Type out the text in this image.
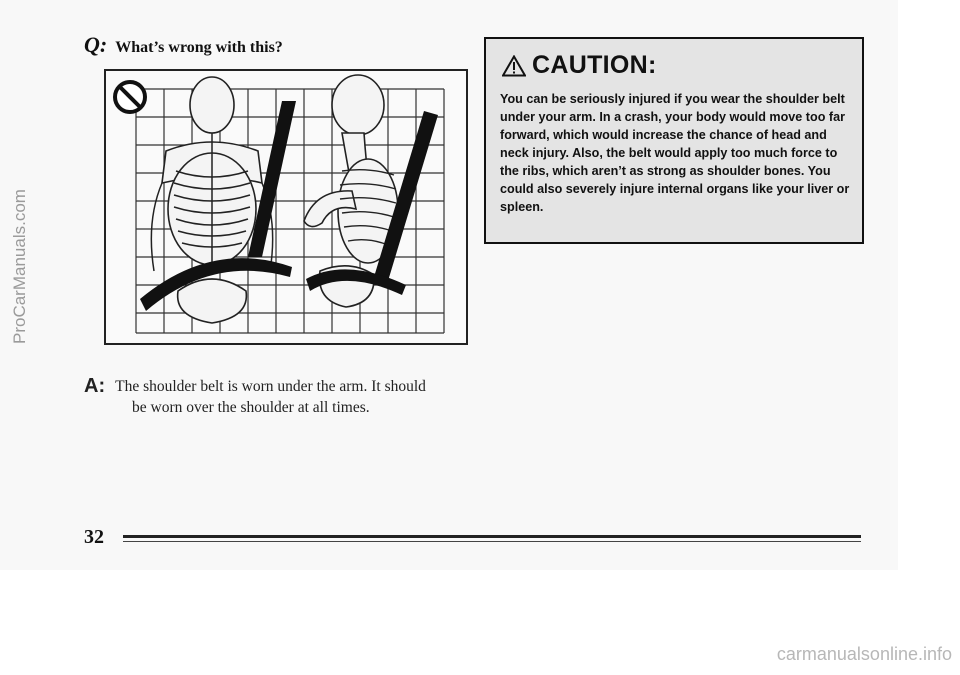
Q: What’s wrong with this?
CAUTION:
You can be seriously injured if you wear the shoulder belt under your arm. In a crash, your body would move too far forward, which would increase the chance of head and neck injury. Also, the belt would apply too much force to the ribs, which aren’t as strong as shoulder bones. You could also severely injure internal organs like your liver or spleen.
A: The shoulder belt is worn under the arm. It should
be worn over the shoulder at all times.
32
ProCarManuals.com
carmanualsonline.info
